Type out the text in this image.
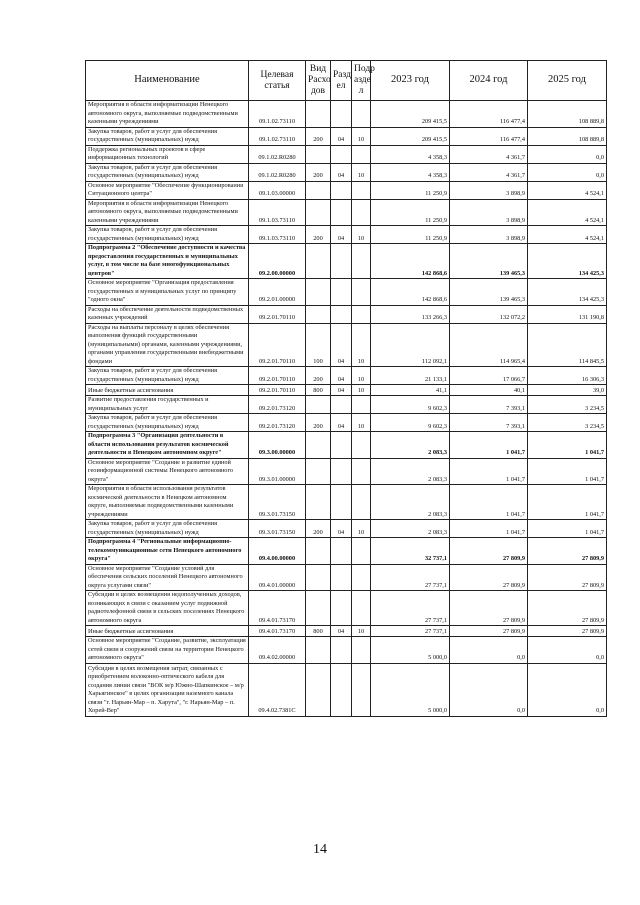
Наименование	Целевая статья	Вид Расхо дов	Разд ел	Подр азде л	2023 год	2024 год	2025 год
Мероприятия в области информатизации Ненецкого автономного округа, выполняемые подведомственными казенными учреждениями	09.1.02.73110				209 415,5	116 477,4	108 889,8
Закупка товаров, работ и услуг для обеспечения государственных (муниципальных) нужд	09.1.02.73110	200	04	10	209 415,5	116 477,4	108 889,8
Поддержка региональных проектов в сфере информационных технологий	09.1.02.R0280				4 358,3	4 361,7	0,0
Закупка товаров, работ и услуг для обеспечения государственных (муниципальных) нужд	09.1.02.R0280	200	04	10	4 358,3	4 361,7	0,0
Основное мероприятие "Обеспечение функционирования Ситуационного центра"	09.1.03.00000				11 250,9	3 898,9	4 524,1
Мероприятия в области информатизации Ненецкого автономного округа, выполняемые подведомственными казенными учреждениями	09.1.03.73110				11 250,9	3 898,9	4 524,1
Закупка товаров, работ и услуг для обеспечения государственных (муниципальных) нужд	09.1.03.73110	200	04	10	11 250,9	3 898,9	4 524,1
Подпрограмма 2 "Обеспечение доступности и качества предоставления государственных и муниципальных услуг, в том числе на базе многофункциональных центров"	09.2.00.00000				142 868,6	139 465,3	134 425,3
Основное мероприятие "Организация предоставления государственных и муниципальных услуг по принципу "одного окна"	09.2.01.00000				142 868,6	139 465,3	134 425,3
Расходы на обеспечение деятельности подведомственных казенных учреждений	09.2.01.70110				133 266,3	132 072,2	131 190,8
Расходы на выплаты персоналу в целях обеспечения выполнения функций государственными (муниципальными) органами, казенными учреждениями, органами управления государственными внебюджетными фондами	09.2.01.70110	100	04	10	112 092,1	114 965,4	114 845,5
Закупка товаров, работ и услуг для обеспечения государственных (муниципальных) нужд	09.2.01.70110	200	04	10	21 133,1	17 066,7	16 306,3
Иные бюджетные ассигнования	09.2.01.70110	800	04	10	41,1	40,1	39,0
Развитие предоставления государственных и муниципальных услуг	09.2.01.73120				9 602,3	7 393,1	3 234,5
Закупка товаров, работ и услуг для обеспечения государственных (муниципальных) нужд	09.2.01.73120	200	04	10	9 602,3	7 393,1	3 234,5
Подпрограмма 3 "Организация деятельности в области использования результатов космической деятельности в Ненецком автономном округе"	09.3.00.00000				2 083,3	1 041,7	1 041,7
Основное мероприятие "Создание и развитие единой геоинформационной системы Ненецкого автономного округа"	09.3.01.00000				2 083,3	1 041,7	1 041,7
Мероприятия в области использования результатов космической деятельности в Ненецком автономном округе, выполняемые подведомственными казенными учреждениями	09.3.01.73150				2 083,3	1 041,7	1 041,7
Закупка товаров, работ и услуг для обеспечения государственных (муниципальных) нужд	09.3.01.73150	200	04	10	2 083,3	1 041,7	1 041,7
Подпрограмма 4 "Региональные информационно-телекоммуникационные сети Ненецкого автономного округа"	09.4.00.00000				32 737,1	27 809,9	27 809,9
Основное мероприятие "Создание условий для обеспечения сельских поселений Ненецкого автономного округа услугами связи"	09.4.01.00000				27 737,1	27 809,9	27 809,9
Субсидии в целях возмещения недополученных доходов, возникающих в связи с оказанием услуг подвижной радиотелефонной связи в сельских поселениях Ненецкого автономного округа	09.4.01.73170				27 737,1	27 809,9	27 809,9
Иные бюджетные ассигнования	09.4.01.73170	800	04	10	27 737,1	27 809,9	27 809,9
Основное мероприятие "Создание, развитие, эксплуатация сетей связи и сооружений связи на территории Ненецкого автономного округа"	09.4.02.00000				5 000,0	0,0	0,0
Субсидия в целях возмещения затрат, связанных с приобретением волоконно-оптического кабеля для создания линии связи "ВОК м/р Южно-Шапкинское – м/р Харьягинское" в целях организации наземного канала связи "г. Нарьян-Мар – п. Харута", "г. Нарьян-Мар – п. Хорей-Вер"	09.4.02.7381С				5 000,0	0,0	0,0
14
